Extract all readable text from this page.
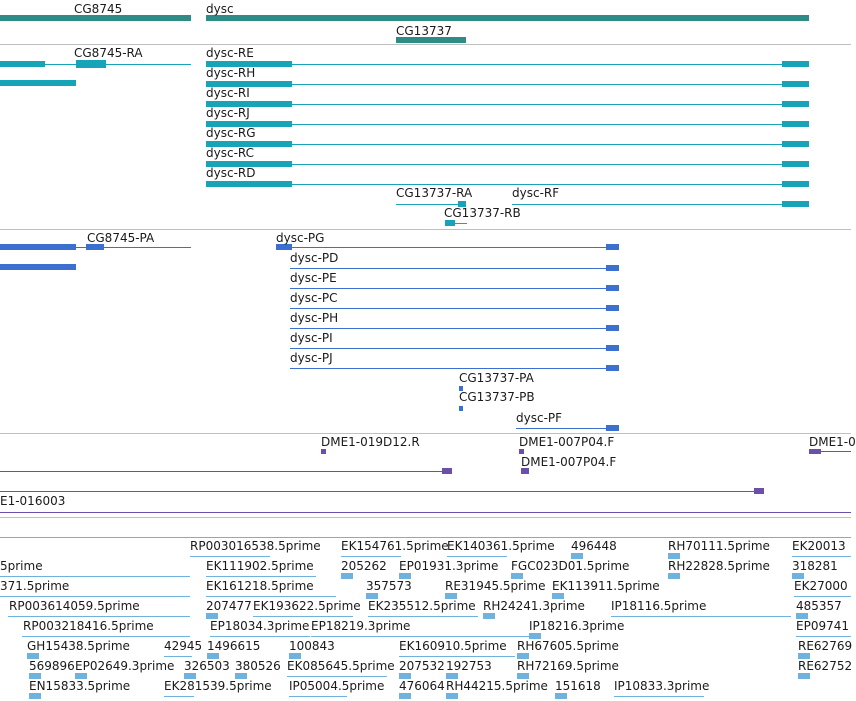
CG8745	dysc
CG13737
CG8745-RA	dysc-RE
dysc-RH
dysc-RI
dysc-RJ
dysc-RG
dysc-RC
dysc-RD
CG13737-RA	dysc-RF
CG13737-RB
CG8745-PA	dysc-PG
dysc-PD
dysc-PE
dysc-PC
dysc-PH
dysc-PI
dysc-PJ
CG13737-PA
CG13737-PB
dysc-PF
DME1-019D12.R	DME1-007P04.F	DME1-0
DME1-007P04.F
E1-016003
RP003016538.5prime EK154761.5prime
EK140361.5prime 496448	RH70111.5prime EK20013
5prime	EK111902.5prime 205262 EP01931.3prime FGC023D01.5prime	RH22828.5prime 318281
371.5prime	EK161218.5prime	357573	RE31945.5prime EK113911.5prime	EK27000
RP003614059.5prime	207477 EK193622.5prime EK235512.5prime RH24241.3prime IP18116.5prime	485357
RP003218416.5prime	EP18034.3prime EP18219.3prime	IP18216.3prime	EP09741
GH15438.5prime	42945 1496615 100843	EK160910.5prime RH67605.5prime	RE62769
569896 EP02649.3prime 326503 380526 EK085645.5prime 207532 192753 RH72169.5prime	RE62752
EN15833.5prime	EK281539.5prime IP05004.5prime 476064 RH44215.5prime 151618 IP10833.3prime
